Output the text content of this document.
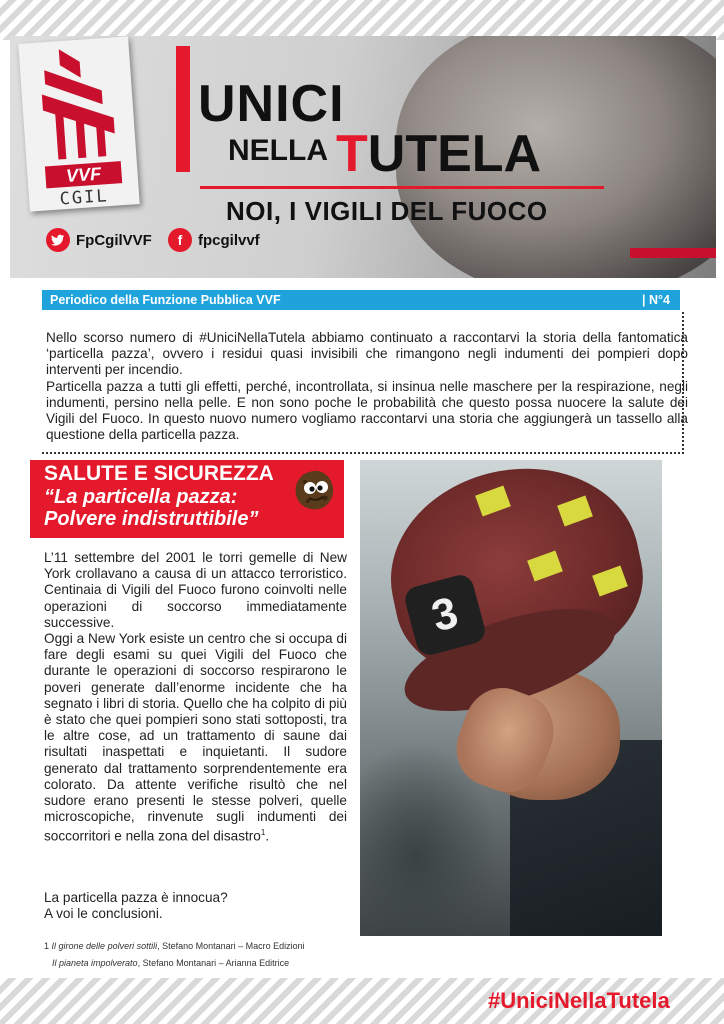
VVF
CGIL
UNICI
NELLA TUTELA
NOI, I VIGILI DEL FUOCO
FpCgilVVF	f	fpcgilvvf
Periodico della Funzione Pubblica VVF	| N°4

Nello scorso numero di #UniciNellaTutela abbiamo continuato a raccontarvi la storia della fantomatica ‘particella pazza’, ovvero i residui quasi invisibili che rimangono negli indumenti dei pompieri dopo interventi per incendio.

Particella pazza a tutti gli effetti, perché, incontrollata, si insinua nelle maschere per la respirazione, negli indumenti, persino nella pelle. E non sono poche le probabilità che questo possa nuocere la salute dei Vigili del Fuoco. In questo nuovo numero vogliamo raccontarvi una storia che aggiungerà un tassello alla questione della particella pazza.

SALUTE E SICUREZZA
“La particella pazza:
Polvere indistruttibile”
3

L’11 settembre del 2001 le torri gemelle di New York crollavano a causa di un attacco terroristico. Centinaia di Vigili del Fuoco furono coinvolti nelle operazioni di soccorso immediatamente successive.

Oggi a New York esiste un centro che si occupa di fare degli esami su quei Vigili del Fuoco che durante le operazioni di soccorso respirarono le poveri generate dall’enorme incidente che ha segnato i libri di storia. Quello che ha colpito di più è stato che quei pompieri sono stati sottoposti, tra le altre cose, ad un trattamento di saune dai risultati inaspettati e inquietanti. Il sudore generato dal trattamento sorprendentemente era colorato. Da attente verifiche risultò che nel sudore erano presenti le stesse polveri, quelle microscopiche, rinvenute sugli indumenti dei soccorritori e nella zona del disastro$^1$.

La particella pazza è innocua?

A voi le conclusioni.

1 Il girone delle polveri sottili, Stefano Montanari – Macro Edizioni
Il pianeta impolverato, Stefano Montanari – Arianna Editrice
#UniciNellaTutela
